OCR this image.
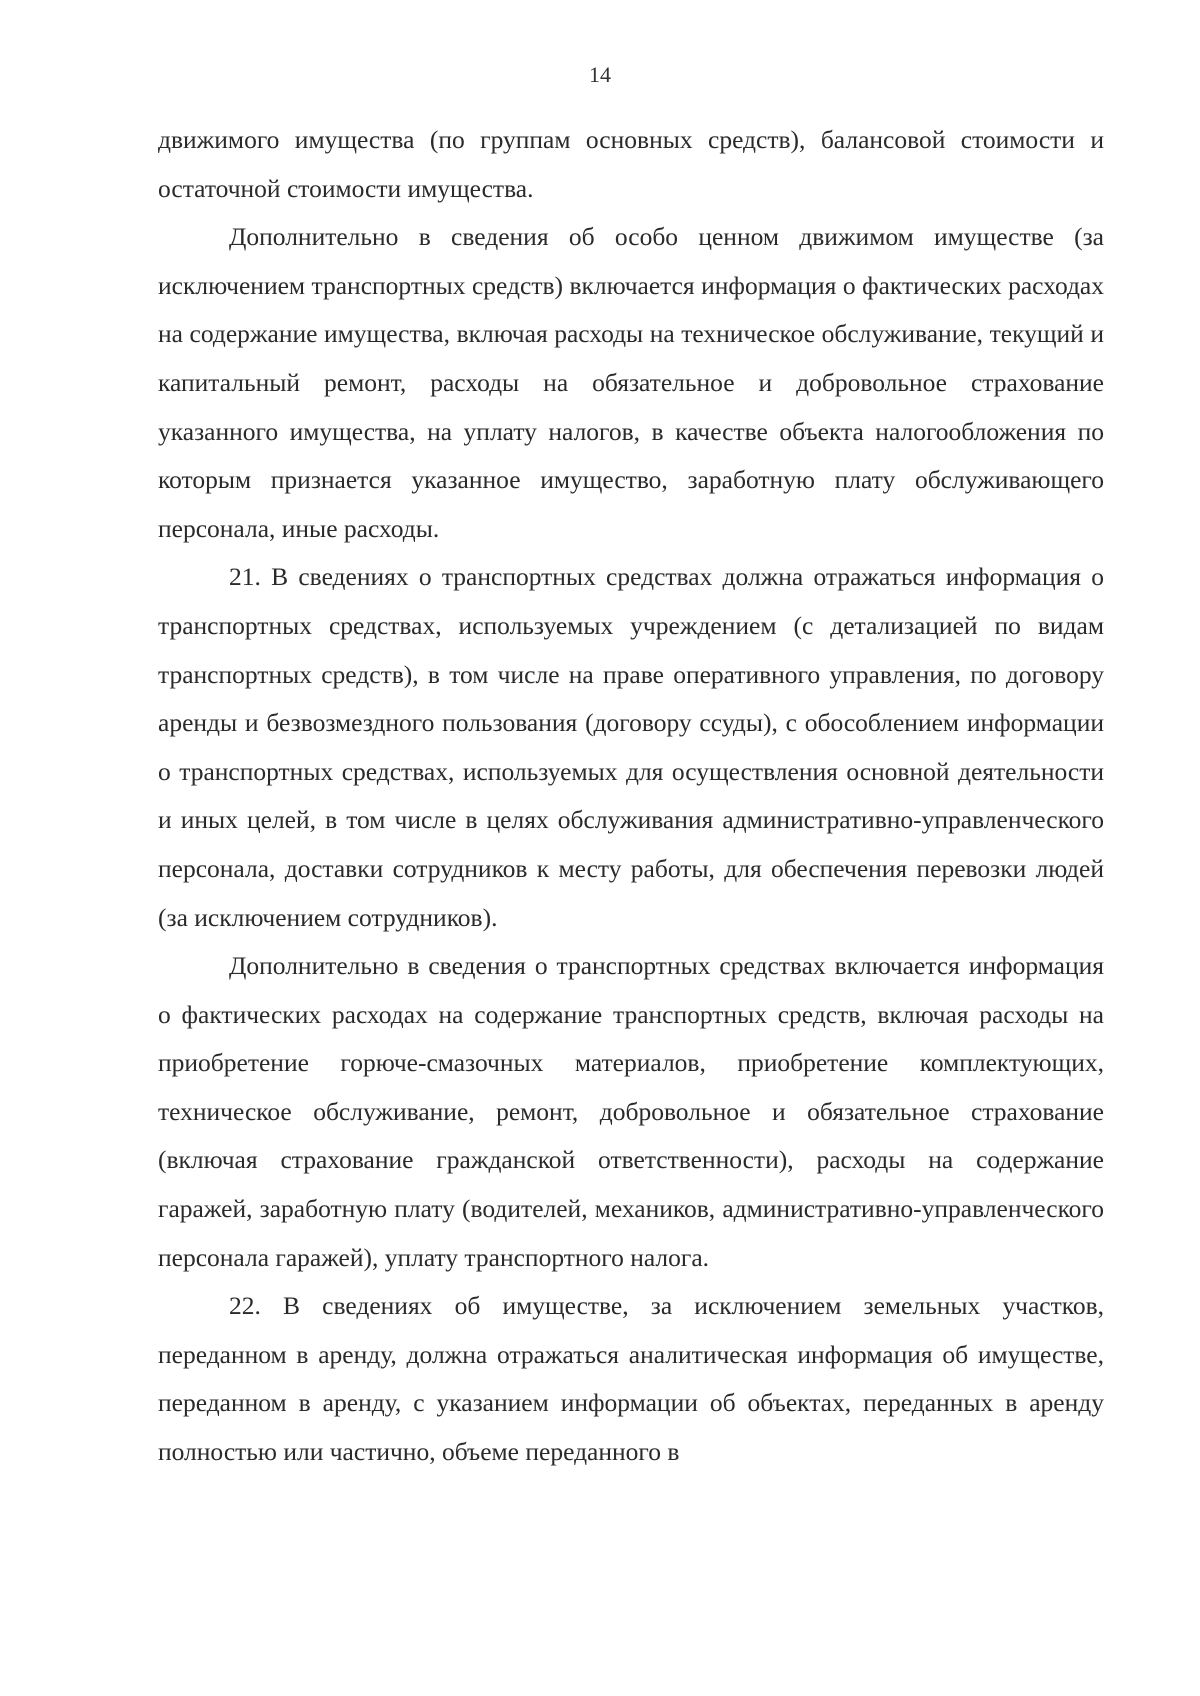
14

движимого имущества (по группам основных средств), балансовой стоимости и остаточной стоимости имущества.

Дополнительно в сведения об особо ценном движимом имуществе (за исключением транспортных средств) включается информация о фактических расходах на содержание имущества, включая расходы на техническое обслуживание, текущий и капитальный ремонт, расходы на обязательное и добровольное страхование указанного имущества, на уплату налогов, в качестве объекта налогообложения по которым признается указанное имущество, заработную плату обслуживающего персонала, иные расходы.

21. В сведениях о транспортных средствах должна отражаться информация о транспортных средствах, используемых учреждением (с детализацией по видам транспортных средств), в том числе на праве оперативного управления, по договору аренды и безвозмездного пользования (договору ссуды), с обособлением информации о транспортных средствах, используемых для осуществления основной деятельности и иных целей, в том числе в целях обслуживания административно-управленческого персонала, доставки сотрудников к месту работы, для обеспечения перевозки людей (за исключением сотрудников).

Дополнительно в сведения о транспортных средствах включается информация о фактических расходах на содержание транспортных средств, включая расходы на приобретение горюче-смазочных материалов, приобретение комплектующих, техническое обслуживание, ремонт, добровольное и обязательное страхование (включая страхование гражданской ответственности), расходы на содержание гаражей, заработную плату (водителей, механиков, административно-управленческого персонала гаражей), уплату транспортного налога.

22. В сведениях об имуществе, за исключением земельных участков, переданном в аренду, должна отражаться аналитическая информация об имуществе, переданном в аренду, с указанием информации об объектах, переданных в аренду полностью или частично, объеме переданного в
